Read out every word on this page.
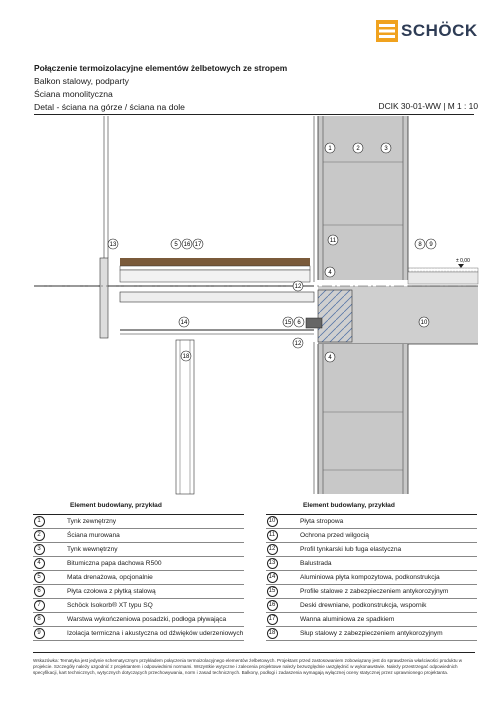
SCHÖCK
Połączenie termoizolacyjne elementów żelbetowych ze stropem
Balkon stalowy, podparty
Ściana monolityczna
Detal - ściana na górze / ściana na dole	DCIK 30-01-WW | M 1 : 10
± 0,00
1	2	3
4
4
5 16 17
13
11
8 9
12
12
14	15 6	10
18
Element budowlany, przykład	
1	Tynk zewnętrzny
2	Ściana murowana
3	Tynk wewnętrzny
4	Bitumiczna papa dachowa R500
5	Mata drenażowa, opcjonalnie
6	Płyta czołowa z płytką stalową
7	Schöck Isokorb® XT typu SQ
8	Warstwa wykończeniowa posadzki, podłoga pływająca
9	Izolacja termiczna i akustyczna od dźwięków uderzeniowych
Element budowlany, przykład	
10	Płyta stropowa
11	Ochrona przed wilgocią
12	Profil tynkarski lub fuga elastyczna
13	Balustrada
14	Aluminiowa płyta kompozytowa, podkonstrukcja
15	Profile stalowe z zabezpieczeniem antykorozyjnym
16	Deski drewniane, podkonstrukcja, wspornik
17	Wanna aluminiowa ze spadkiem
18	Słup stalowy z zabezpieczeniem antykorozyjnym
Wskazówka: Tematyka jest jedynie schematycznym przykładem połączenia termoizolacyjnego elementów żelbetowych. Projektant przed zastosowaniem zobowiązany jest do sprawdzenia właściwości produktu w projekcie. Szczegóły należy uzgodnić z projektantem i odpowiednimi normami. Wszystkie wytyczne i zalecenia projektowe należy bezwzględnie uwzględnić w wykonawstwie. Należy przestrzegać odpowiednich specyfikacji, kart technicznych, wytycznych dotyczących przechowywania, norm i zasad technicznych. Balkony, podłogi i zadaszenia wymagają wyłącznej oceny statycznej przez uprawnionego projektanta.
